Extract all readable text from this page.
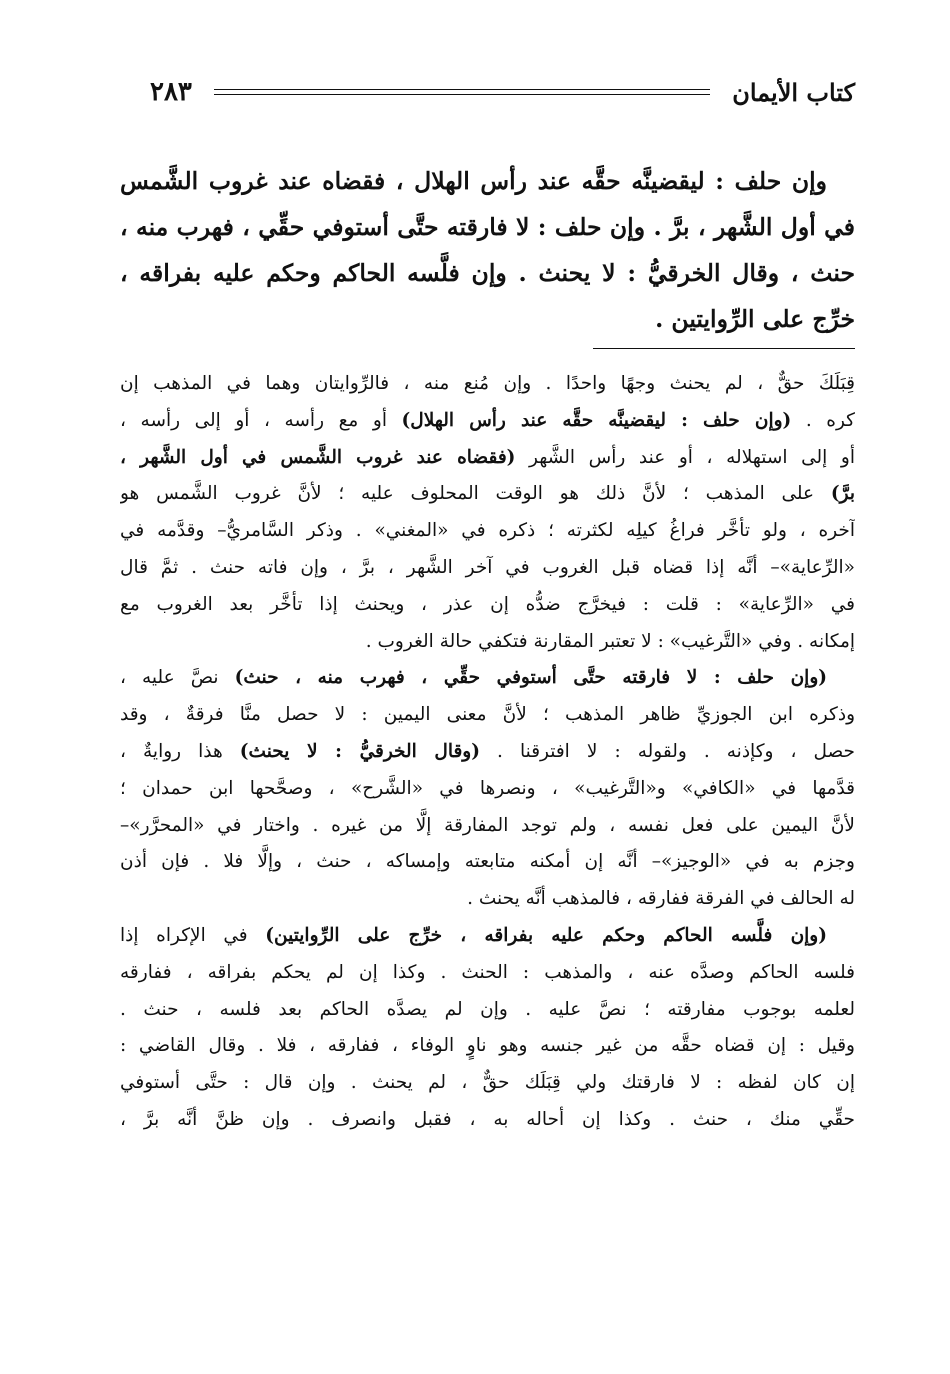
كتاب الأيمان
٢٨٣
وإن حلف : ليقضينَّه حقَّه عند رأس الهلال ، فقضاه عند غروب الشَّمس
في أول الشَّهر ، برَّ . وإن حلف : لا فارقته حتَّى أستوفي حقِّي ، فهرب منه ،
حنث ، وقال الخرقيُّ : لا يحنث . وإن فلَّسه الحاكم وحكم عليه بفراقه ،
خرِّج على الرِّوايتين .
قِبَلَكَ حقٌّ ، لم يحنث وجهًا واحدًا . وإن مُنع منه ، فالرِّوايتان وهما في المذهب إن
كره . (وإن حلف : ليقضينَّه حقَّه عند رأس الهلال) أو مع رأسه ، أو إلى رأسه ،
أو إلى استهلاله ، أو عند رأس الشَّهر (فقضاه عند غروب الشَّمس في أول الشَّهر ،
برَّ) على المذهب ؛ لأنَّ ذلك هو الوقت المحلوف عليه ؛ لأنَّ غروب الشَّمس هو
آخره ، ولو تأخَّر فراغُ كيلِه لكثرته ؛ ذكره في «المغني» . وذكر السَّامريُّ– وقدَّمه في
«الرِّعاية»– أنَّه إذا قضاه قبل الغروب في آخر الشَّهر ، برَّ ، وإن فاته حنث . ثمَّ قال
في «الرِّعاية» : قلت : فيخرَّج ضدُّه إن عذر ، ويحنث إذا تأخَّر بعد الغروب مع
إمكانه . وفي «التَّرغيب» : لا تعتبر المقارنة فتكفي حالة الغروب .
(وإن حلف : لا فارقته حتَّى أستوفي حقِّي ، فهرب منه ، حنث) نصَّ عليه ،
وذكره ابن الجوزيِّ ظاهر المذهب ؛ لأنَّ معنى اليمين : لا حصل منَّا فرقةٌ ، وقد
حصل ، وكإذنه . ولقوله : لا افترقنا . (وقال الخرقيُّ : لا يحنث) هذا روايةٌ ،
قدَّمها في «الكافي» و«التَّرغيب» ، ونصرها في «الشَّرح» ، وصحَّحها ابن حمدان ؛
لأنَّ اليمين على فعل نفسه ، ولم توجد المفارقة إلَّا من غيره . واختار في «المحرَّر»–
وجزم به في «الوجيز»– أنَّه إن أمكنه متابعته وإمساكه ، حنث ، وإلَّا فلا . فإن أذن
له الحالف في الفرقة ففارقه ، فالمذهب أنَّه يحنث .
(وإن فلَّسه الحاكم وحكم عليه بفراقه ، خرِّج على الرِّوايتين) في الإكراه إذا
فلسه الحاكم وصدَّه عنه ، والمذهب : الحنث . وكذا إن لم يحكم بفراقه ، ففارقه
لعلمه بوجوب مفارقته ؛ نصَّ عليه . وإن لم يصدَّه الحاكم بعد فلسه ، حنث .
وقيل : إن قضاه حقَّه من غير جنسه وهو ناوٍ الوفاء ، ففارقه ، فلا . وقال القاضي :
إن كان لفظه : لا فارقتك ولي قِبَلَك حقٌّ ، لم يحنث . وإن قال : حتَّى أستوفي
حقِّي منك ، حنث . وكذا إن أحاله به ، فقبل وانصرف . وإن ظنَّ أنَّه برَّ ،
